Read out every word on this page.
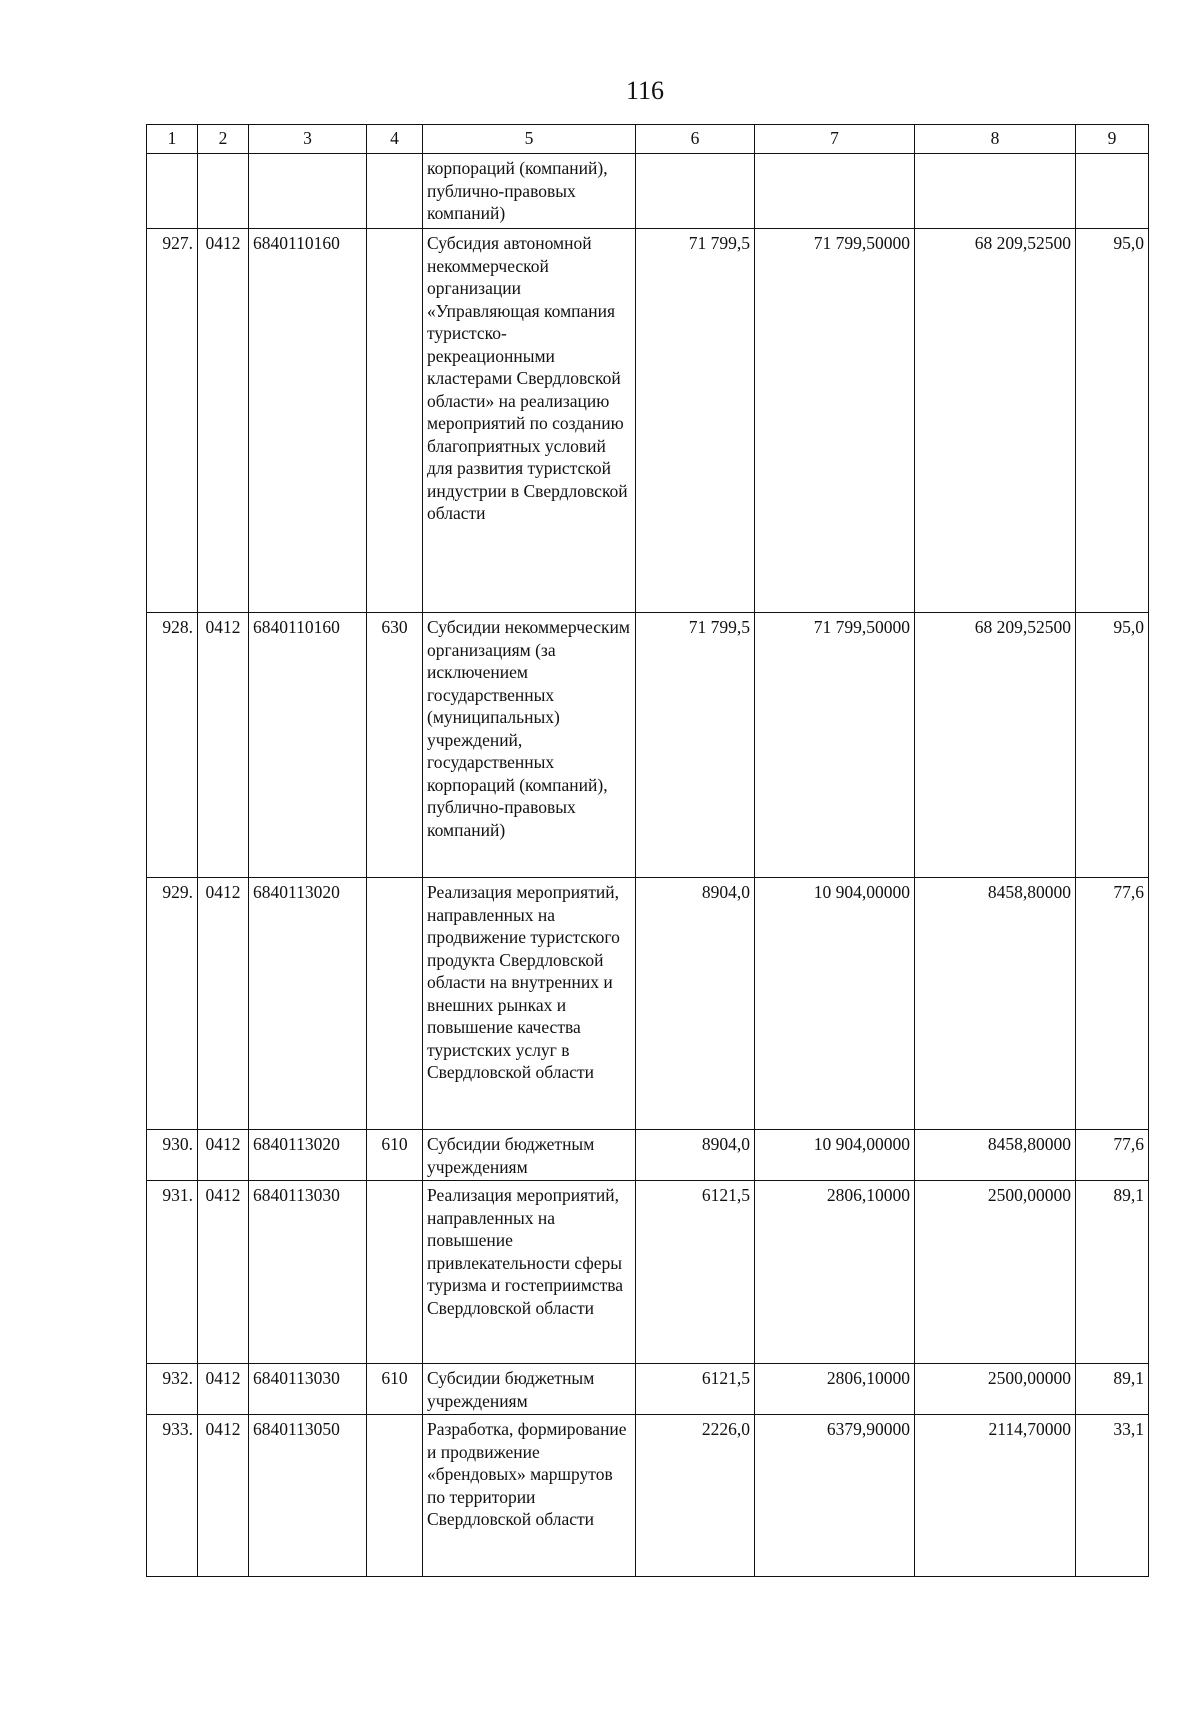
116
1	2	3	4	5	6	7	8	9
				корпораций (компаний), публично-правовых компаний)				
927.	0412	6840110160		Субсидия автономной некоммерческой организации «Управляющая компания туристско-рекреационными кластерами Свердловской области» на реализацию мероприятий по созданию благоприятных условий для развития туристской индустрии в Свердловской области	71 799,5	71 799,50000	68 209,52500	95,0
928.	0412	6840110160	630	Субсидии некоммерческим организациям (за исключением государственных (муниципальных) учреждений, государственных корпораций (компаний), публично-правовых компаний)	71 799,5	71 799,50000	68 209,52500	95,0
929.	0412	6840113020		Реализация мероприятий, направленных на продвижение туристского продукта Свердловской области на внутренних и внешних рынках и повышение качества туристских услуг в Свердловской области	8904,0	10 904,00000	8458,80000	77,6
930.	0412	6840113020	610	Субсидии бюджетным учреждениям	8904,0	10 904,00000	8458,80000	77,6
931.	0412	6840113030		Реализация мероприятий, направленных на повышение привлекательности сферы туризма и гостеприимства Свердловской области	6121,5	2806,10000	2500,00000	89,1
932.	0412	6840113030	610	Субсидии бюджетным учреждениям	6121,5	2806,10000	2500,00000	89,1
933.	0412	6840113050		Разработка, формирование и продвижение «брендовых» маршрутов по территории Свердловской области	2226,0	6379,90000	2114,70000	33,1
